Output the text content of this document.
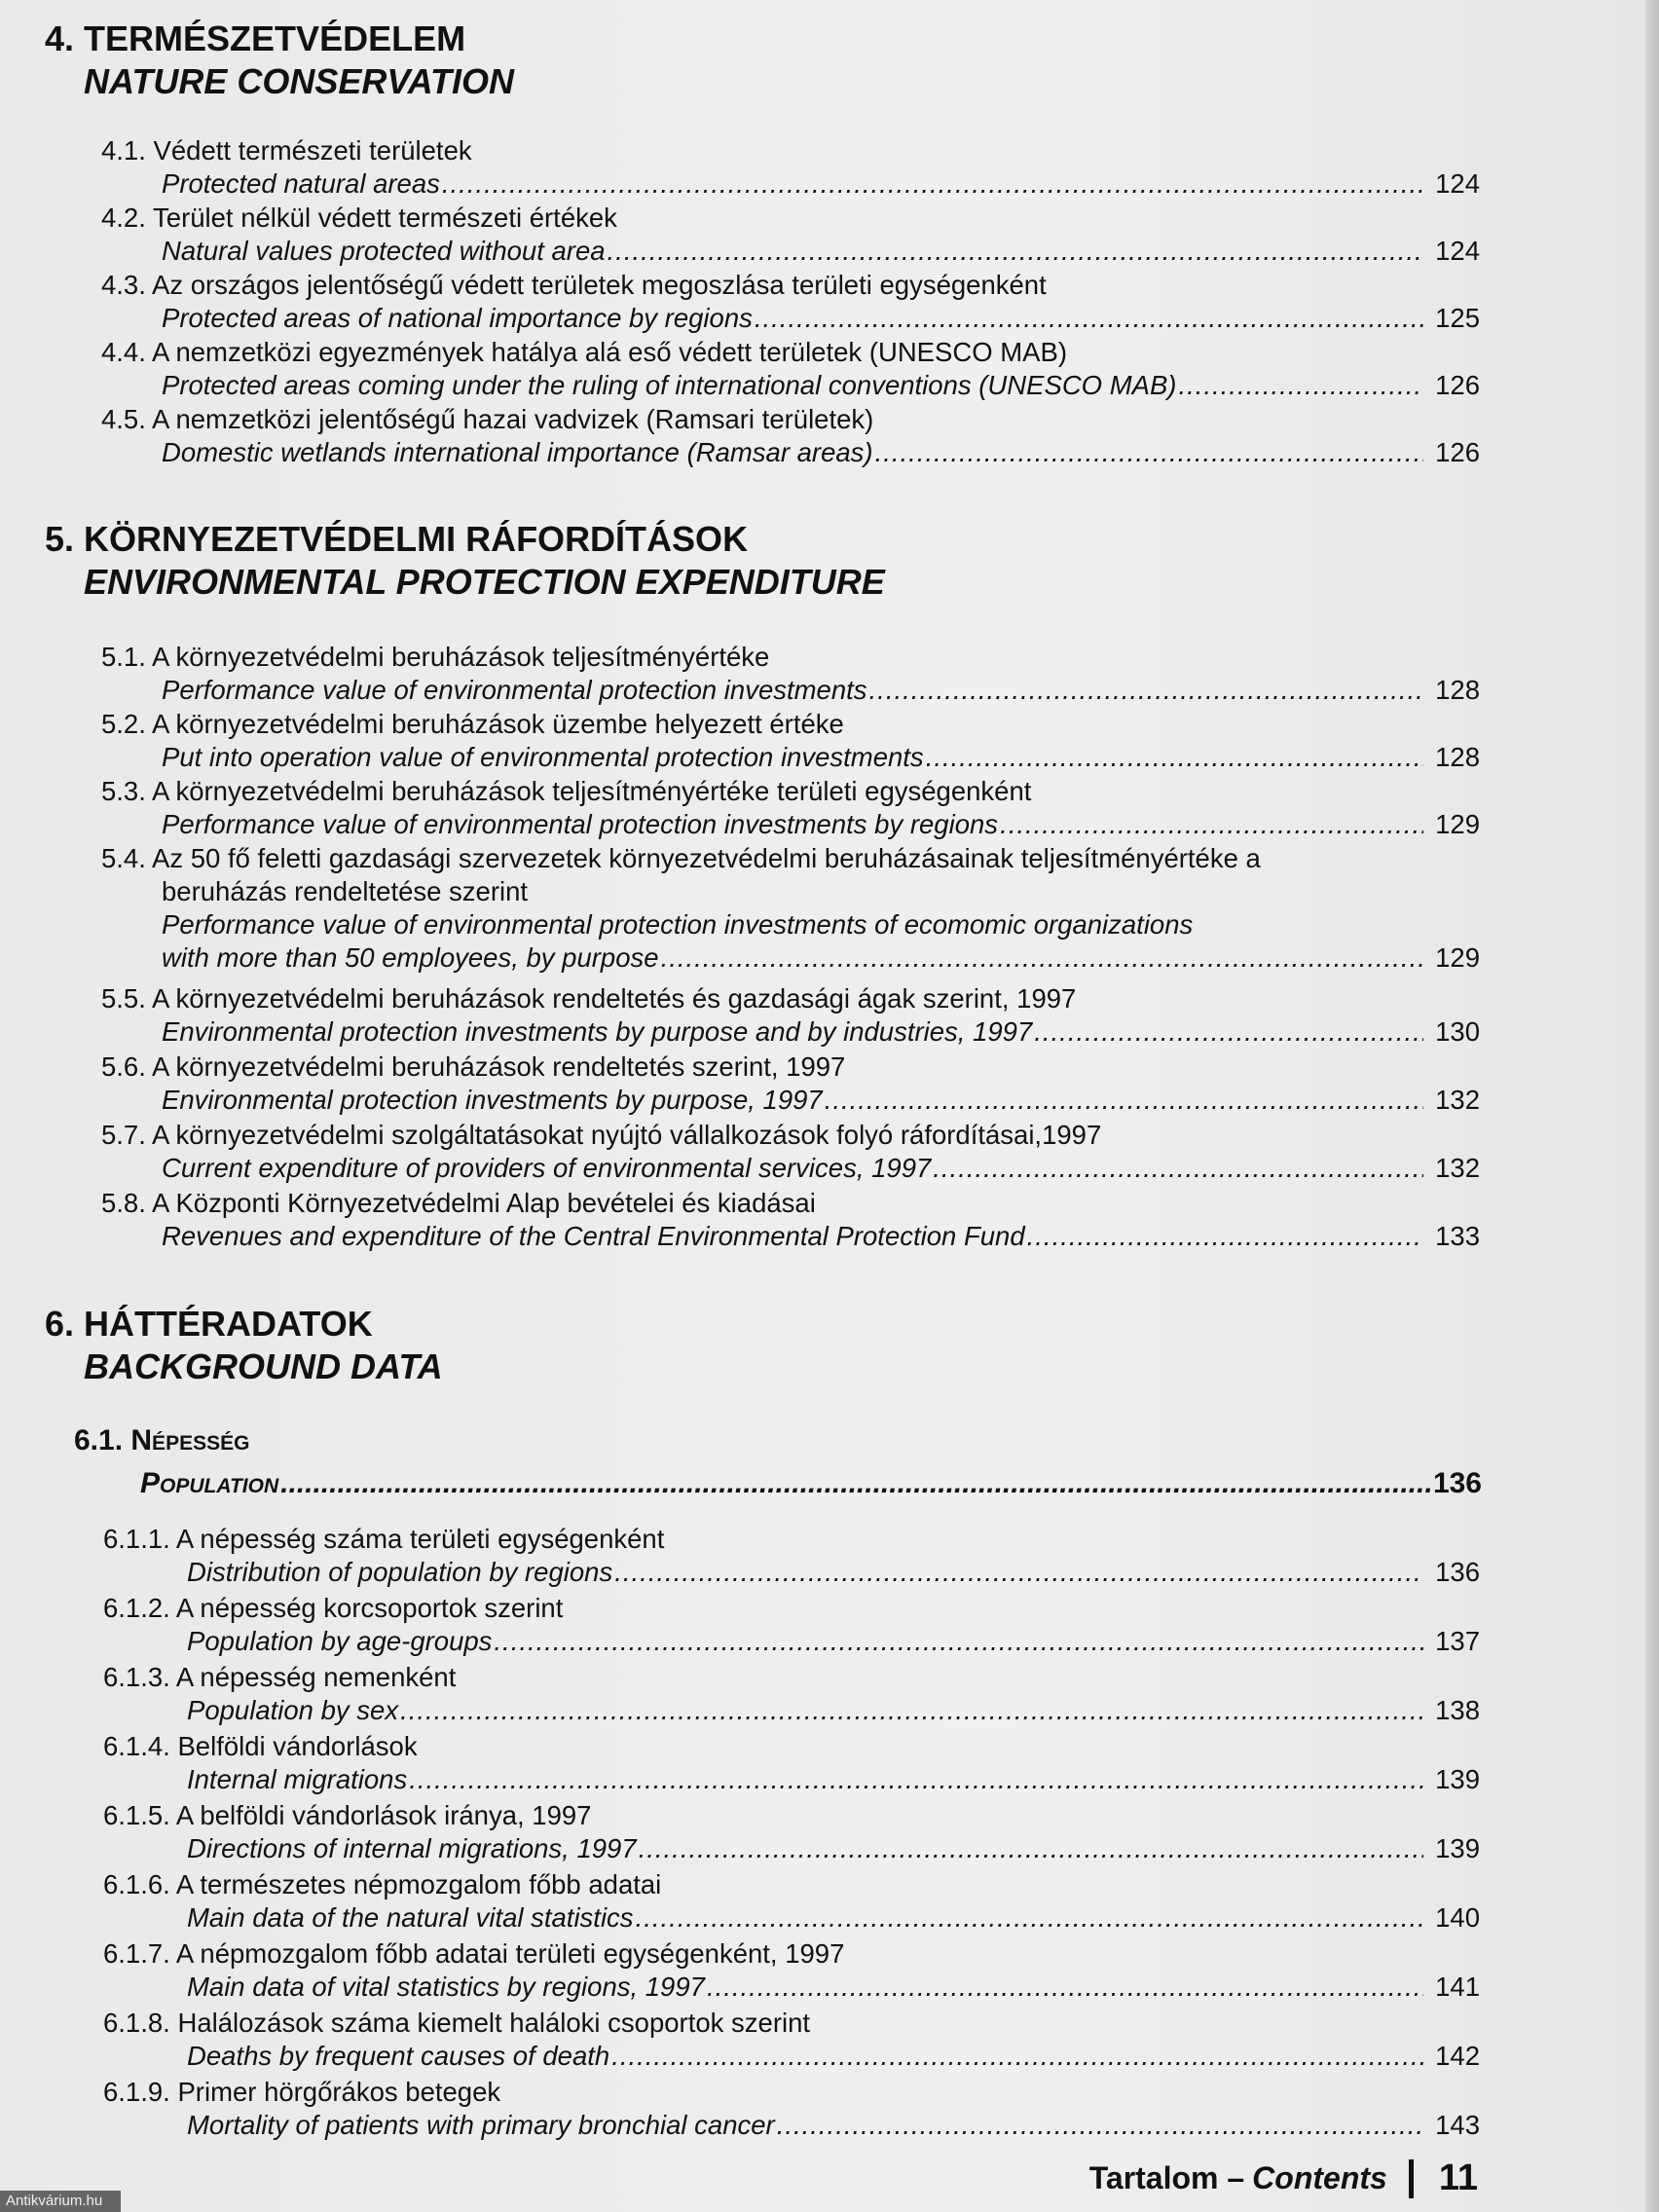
4. TERMÉSZETVÉDELEM
NATURE CONSERVATION
5. KÖRNYEZETVÉDELMI RÁFORDÍTÁSOK
ENVIRONMENTAL PROTECTION EXPENDITURE
6. HÁTTÉRADATOK
BACKGROUND DATA
6.1. Népesség
Population .....	136
4.1. Védett természeti területek
Protected natural areas .....	124
4.2. Terület nélkül védett természeti értékek
Natural values protected without area .....	124
4.3. Az országos jelentőségű védett területek megoszlása területi egységenként
Protected areas of national importance by regions .....	125
4.4. A nemzetközi egyezmények hatálya alá eső védett területek (UNESCO MAB)
Protected areas coming under the ruling of international conventions (UNESCO MAB) .....	126
4.5. A nemzetközi jelentőségű hazai vadvizek (Ramsari területek)
Domestic wetlands international importance (Ramsar areas) .....	126
5.1. A környezetvédelmi beruházások teljesítményértéke
Performance value of environmental protection investments .....	128
5.2. A környezetvédelmi beruházások üzembe helyezett értéke
Put into operation value of environmental protection investments .....	128
5.3. A környezetvédelmi beruházások teljesítményértéke területi egységenként
Performance value of environmental protection investments by regions .....	129
5.4. Az 50 fő feletti gazdasági szervezetek környezetvédelmi beruházásainak teljesítményértéke a
beruházás rendeltetése szerint
Performance value of environmental protection investments of ecomomic organizations
with more than 50 employees, by purpose .....	129
5.5. A környezetvédelmi beruházások rendeltetés és gazdasági ágak szerint, 1997
Environmental protection investments by purpose and by industries, 1997 .....	130
5.6. A környezetvédelmi beruházások rendeltetés szerint, 1997
Environmental protection investments by purpose, 1997 .....	132
5.7. A környezetvédelmi szolgáltatásokat nyújtó vállalkozások folyó ráfordításai,1997
Current expenditure of providers of environmental services, 1997 .....	132
5.8. A Központi Környezetvédelmi Alap bevételei és kiadásai
Revenues and expenditure of the Central Environmental Protection Fund .....	133
6.1.1. A népesség száma területi egységenként
Distribution of population by regions .....	136
6.1.2. A népesség korcsoportok szerint
Population by age-groups .....	137
6.1.3. A népesség nemenként
Population by sex .....	138
6.1.4. Belföldi vándorlások
Internal migrations .....	139
6.1.5. A belföldi vándorlások iránya, 1997
Directions of internal migrations, 1997 .....	139
6.1.6. A természetes népmozgalom főbb adatai
Main data of the natural vital statistics .....	140
6.1.7. A népmozgalom főbb adatai területi egységenként, 1997
Main data of vital statistics by regions, 1997 .....	141
6.1.8. Halálozások száma kiemelt haláloki csoportok szerint
Deaths by frequent causes of death .....	142
6.1.9. Primer hörgőrákos betegek
Mortality of patients with primary bronchial cancer .....	143
Tartalom – Contents 11
Antikvárium.hu
